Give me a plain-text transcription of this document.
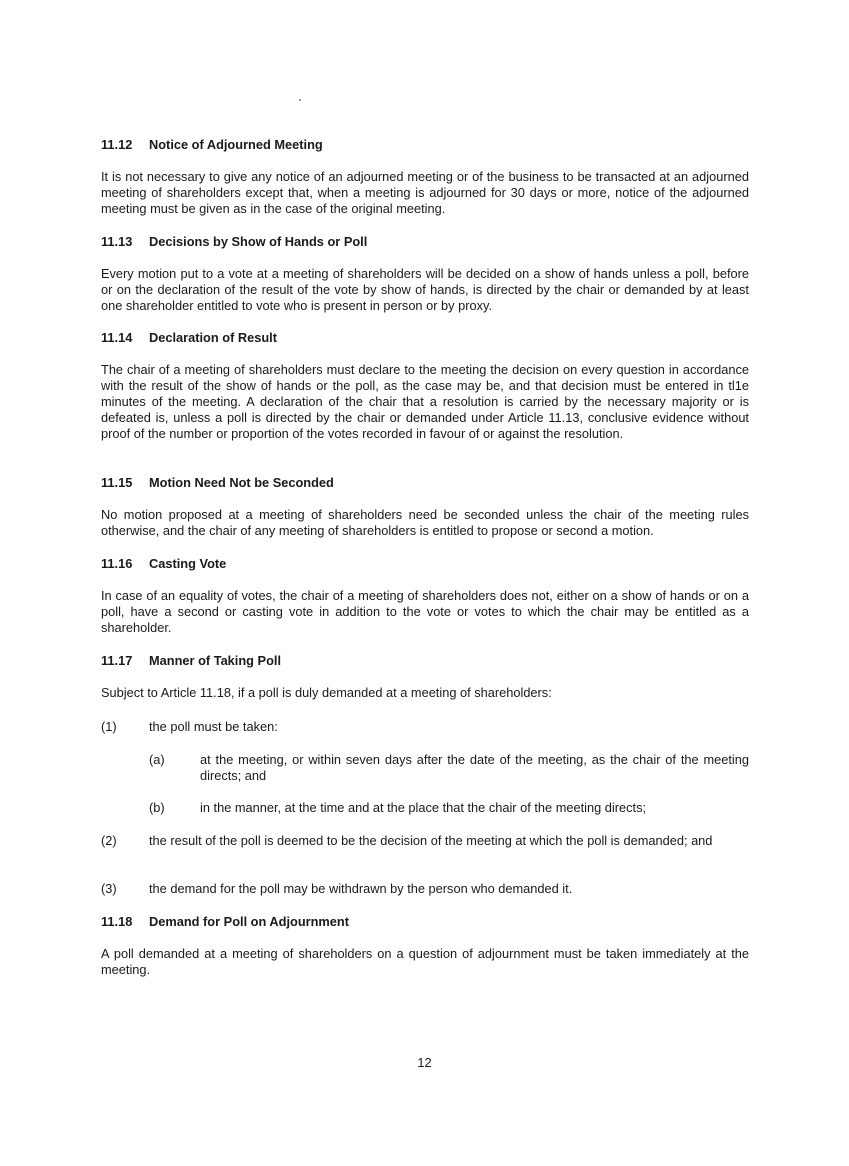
11.12 Notice of Adjourned Meeting

It is not necessary to give any notice of an adjourned meeting or of the business to be transacted at an adjourned meeting of shareholders except that, when a meeting is adjourned for 30 days or more, notice of the adjourned meeting must be given as in the case of the original meeting.

11.13 Decisions by Show of Hands or Poll

Every motion put to a vote at a meeting of shareholders will be decided on a show of hands unless a poll, before or on the declaration of the result of the vote by show of hands, is directed by the chair or demanded by at least one shareholder entitled to vote who is present in person or by proxy.

11.14 Declaration of Result

The chair of a meeting of shareholders must declare to the meeting the decision on every question in accordance with the result of the show of hands or the poll, as the case may be, and that decision must be entered in tl1e minutes of the meeting. A declaration of the chair that a resolution is carried by the necessary majority or is defeated is, unless a poll is directed by the chair or demanded under Article 11.13, conclusive evidence without proof of the number or proportion of the votes recorded in favour of or against the resolution.

11.15 Motion Need Not be Seconded

No motion proposed at a meeting of shareholders need be seconded unless the chair of the meeting rules otherwise, and the chair of any meeting of shareholders is entitled to propose or second a motion.

11.16 Casting Vote

In case of an equality of votes, the chair of a meeting of shareholders does not, either on a show of hands or on a poll, have a second or casting vote in addition to the vote or votes to which the chair may be entitled as a shareholder.

11.17 Manner of Taking Poll

Subject to Article 11.18, if a poll is duly demanded at a meeting of shareholders:

(1)	the poll must be taken:
(a)	at the meeting, or within seven days after the date of the meeting, as the chair of the meeting directs; and
(b)	in the manner, at the time and at the place that the chair of the meeting directs;
(2)	the result of the poll is deemed to be the decision of the meeting at which the poll is demanded; and
(3)	the demand for the poll may be withdrawn by the person who demanded it.

11.18 Demand for Poll on Adjournment

A poll demanded at a meeting of shareholders on a question of adjournment must be taken immediately at the meeting.

12
